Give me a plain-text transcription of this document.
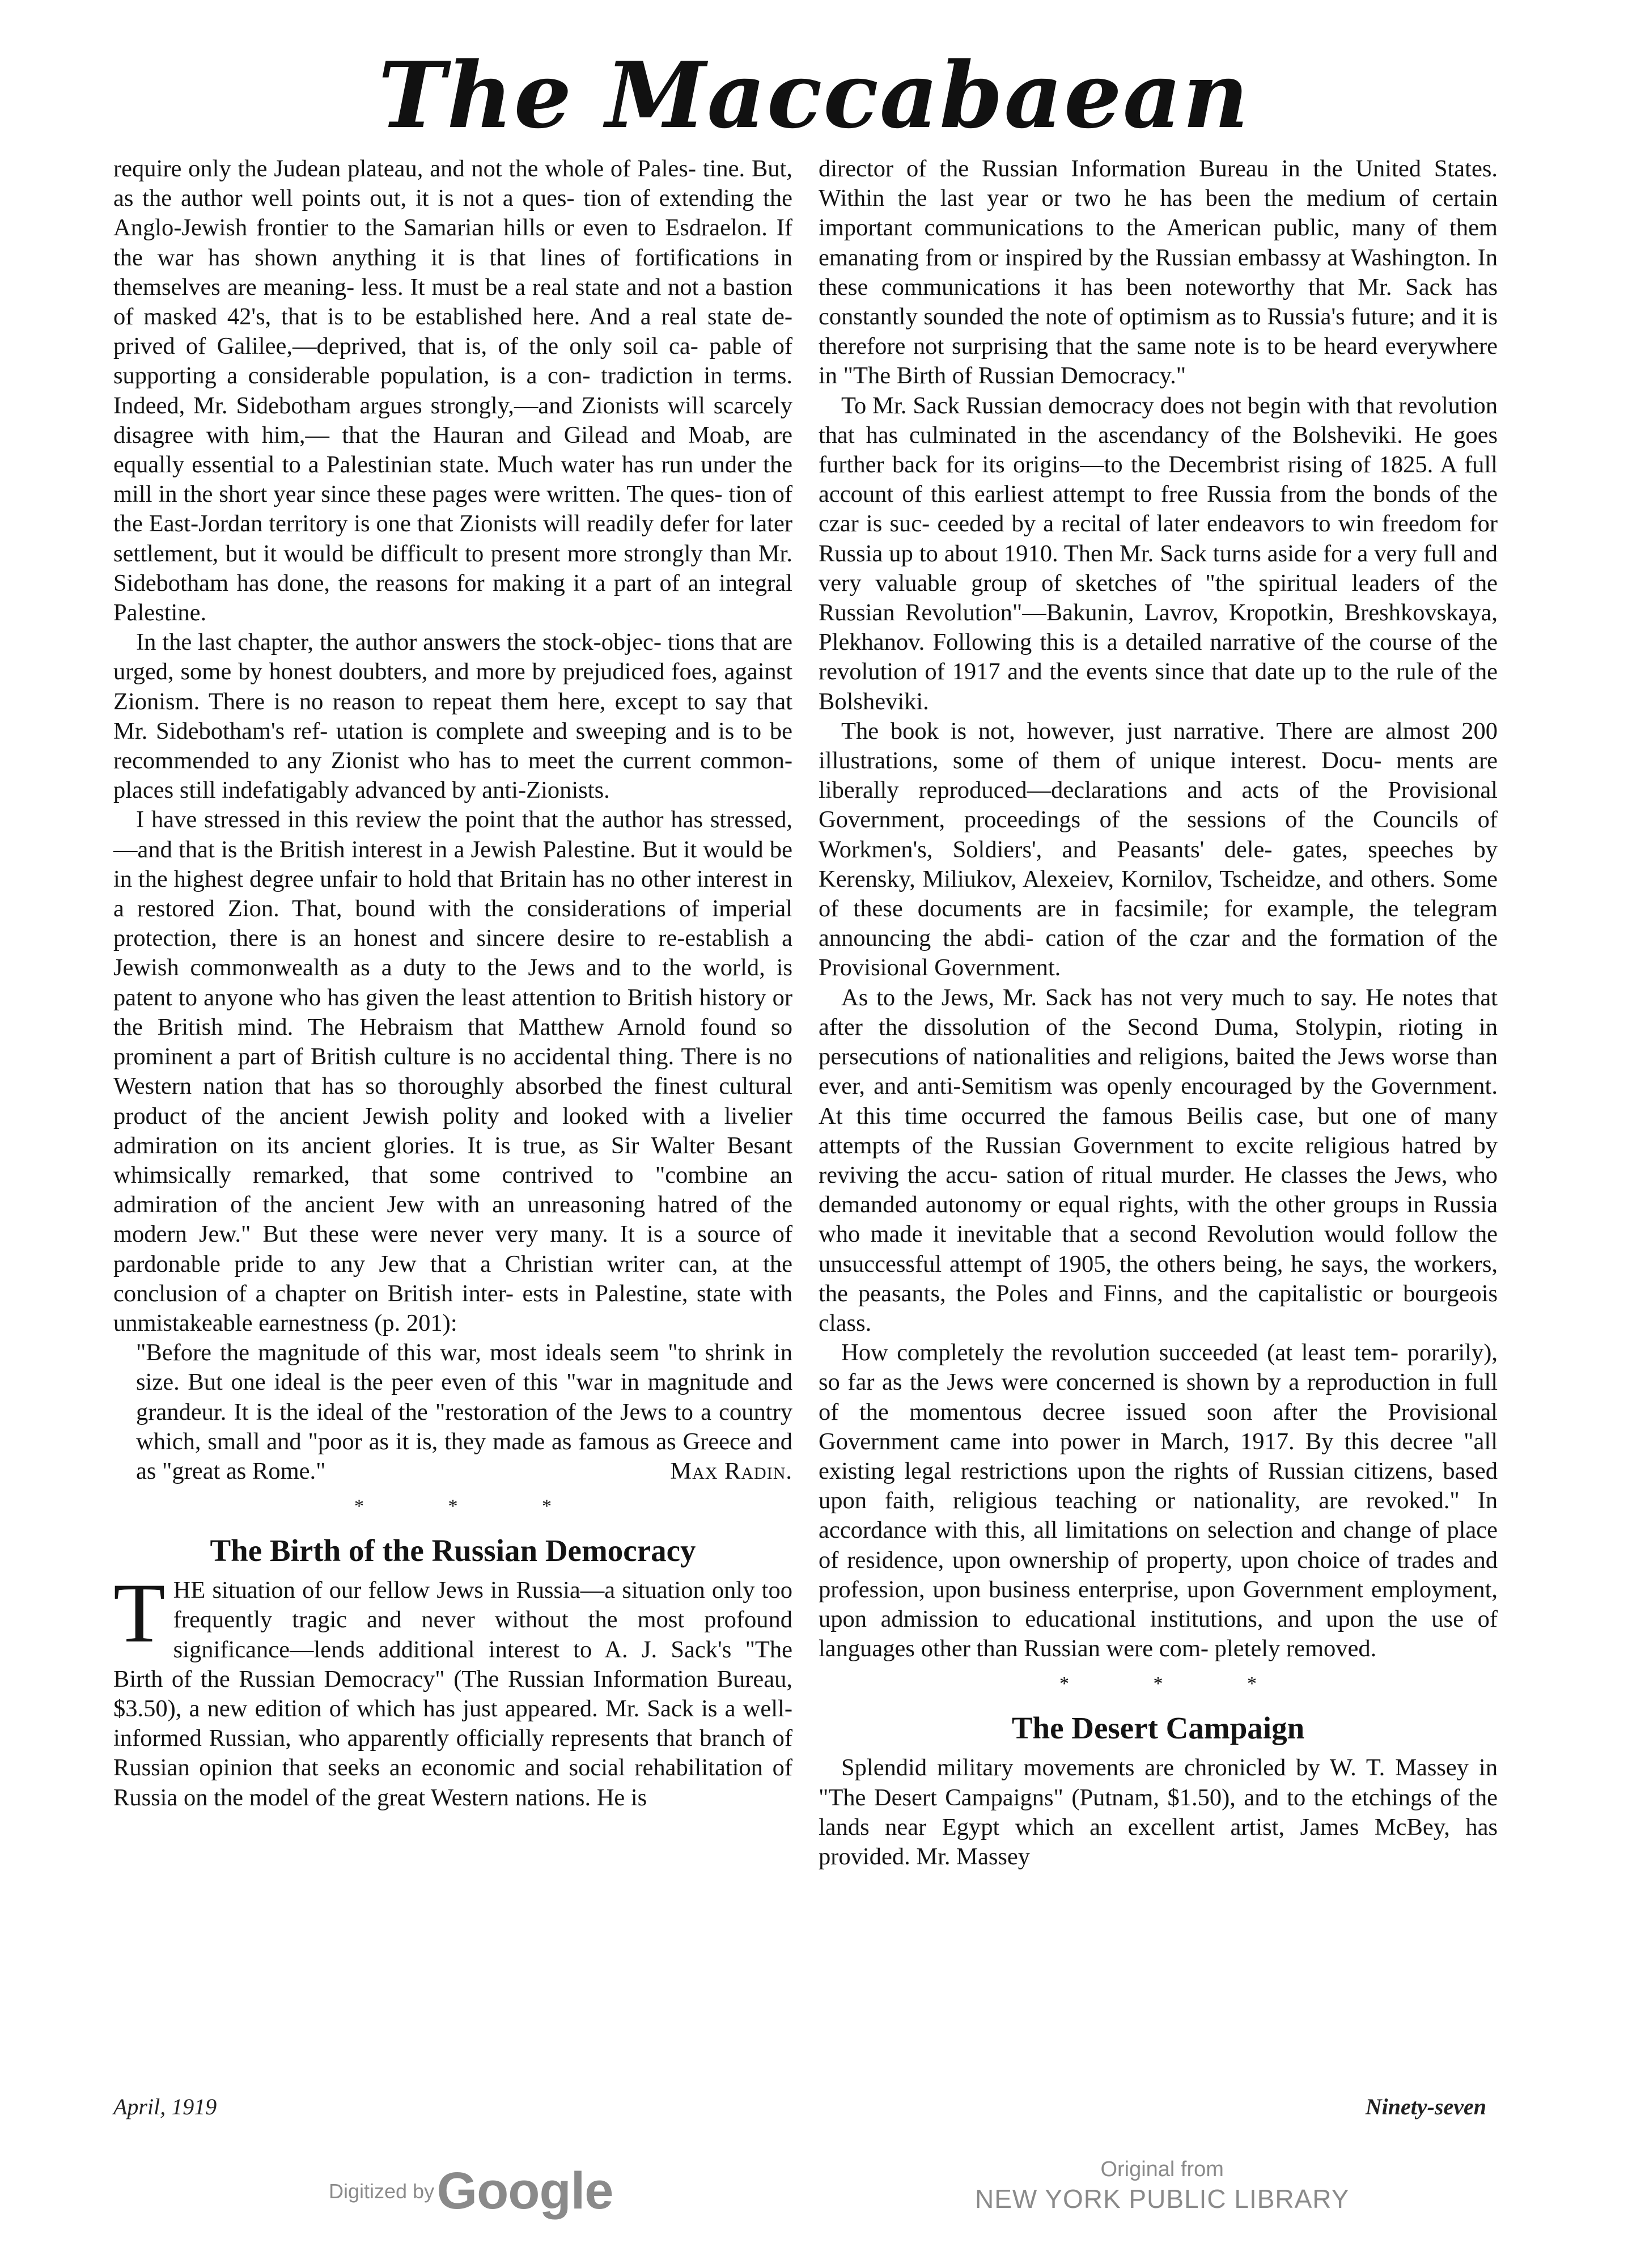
The Maccabaean

require only the Judean plateau, and not the whole of Pales- tine. But, as the author well points out, it is not a ques- tion of extending the Anglo-Jewish frontier to the Samarian hills or even to Esdraelon. If the war has shown anything it is that lines of fortifications in themselves are meaning- less. It must be a real state and not a bastion of masked 42's, that is to be established here. And a real state de- prived of Galilee,—deprived, that is, of the only soil ca- pable of supporting a considerable population, is a con- tradiction in terms. Indeed, Mr. Sidebotham argues strongly,—and Zionists will scarcely disagree with him,— that the Hauran and Gilead and Moab, are equally essential to a Palestinian state. Much water has run under the mill in the short year since these pages were written. The ques- tion of the East-Jordan territory is one that Zionists will readily defer for later settlement, but it would be difficult to present more strongly than Mr. Sidebotham has done, the reasons for making it a part of an integral Palestine.

In the last chapter, the author answers the stock-objec- tions that are urged, some by honest doubters, and more by prejudiced foes, against Zionism. There is no reason to repeat them here, except to say that Mr. Sidebotham's ref- utation is complete and sweeping and is to be recommended to any Zionist who has to meet the current common-places still indefatigably advanced by anti-Zionists.

I have stressed in this review the point that the author has stressed,—and that is the British interest in a Jewish Palestine. But it would be in the highest degree unfair to hold that Britain has no other interest in a restored Zion. That, bound with the considerations of imperial protection, there is an honest and sincere desire to re-establish a Jewish commonwealth as a duty to the Jews and to the world, is patent to anyone who has given the least attention to British history or the British mind. The Hebraism that Matthew Arnold found so prominent a part of British culture is no accidental thing. There is no Western nation that has so thoroughly absorbed the finest cultural product of the ancient Jewish polity and looked with a livelier admiration on its ancient glories. It is true, as Sir Walter Besant whimsically remarked, that some contrived to "combine an admiration of the ancient Jew with an unreasoning hatred of the modern Jew." But these were never very many. It is a source of pardonable pride to any Jew that a Christian writer can, at the conclusion of a chapter on British inter- ests in Palestine, state with unmistakeable earnestness (p. 201):

"Before the magnitude of this war, most ideals seem "to shrink in size. But one ideal is the peer even of this "war in magnitude and grandeur. It is the ideal of the "restoration of the Jews to a country which, small and "poor as it is, they made as famous as Greece and as "great as Rome."	Max Radin.

* * *
The Birth of the Russian Democracy

THE situation of our fellow Jews in Russia—a situation only too frequently tragic and never without the most profound significance—lends additional interest to A. J. Sack's "The Birth of the Russian Democracy" (The Russian Information Bureau, $3.50), a new edition of which has just appeared. Mr. Sack is a well-informed Russian, who apparently officially represents that branch of Russian opinion that seeks an economic and social rehabilitation of Russia on the model of the great Western nations. He is

director of the Russian Information Bureau in the United States. Within the last year or two he has been the medium of certain important communications to the American public, many of them emanating from or inspired by the Russian embassy at Washington. In these communications it has been noteworthy that Mr. Sack has constantly sounded the note of optimism as to Russia's future; and it is therefore not surprising that the same note is to be heard everywhere in "The Birth of Russian Democracy."

To Mr. Sack Russian democracy does not begin with that revolution that has culminated in the ascendancy of the Bolsheviki. He goes further back for its origins—to the Decembrist rising of 1825. A full account of this earliest attempt to free Russia from the bonds of the czar is suc- ceeded by a recital of later endeavors to win freedom for Russia up to about 1910. Then Mr. Sack turns aside for a very full and very valuable group of sketches of "the spiritual leaders of the Russian Revolution"—Bakunin, Lavrov, Kropotkin, Breshkovskaya, Plekhanov. Following this is a detailed narrative of the course of the revolution of 1917 and the events since that date up to the rule of the Bolsheviki.

The book is not, however, just narrative. There are almost 200 illustrations, some of them of unique interest. Docu- ments are liberally reproduced—declarations and acts of the Provisional Government, proceedings of the sessions of the Councils of Workmen's, Soldiers', and Peasants' dele- gates, speeches by Kerensky, Miliukov, Alexeiev, Kornilov, Tscheidze, and others. Some of these documents are in facsimile; for example, the telegram announcing the abdi- cation of the czar and the formation of the Provisional Government.

As to the Jews, Mr. Sack has not very much to say. He notes that after the dissolution of the Second Duma, Stolypin, rioting in persecutions of nationalities and religions, baited the Jews worse than ever, and anti-Semitism was openly encouraged by the Government. At this time occurred the famous Beilis case, but one of many attempts of the Russian Government to excite religious hatred by reviving the accu- sation of ritual murder. He classes the Jews, who demanded autonomy or equal rights, with the other groups in Russia who made it inevitable that a second Revolution would follow the unsuccessful attempt of 1905, the others being, he says, the workers, the peasants, the Poles and Finns, and the capitalistic or bourgeois class.

How completely the revolution succeeded (at least tem- porarily), so far as the Jews were concerned is shown by a reproduction in full of the momentous decree issued soon after the Provisional Government came into power in March, 1917. By this decree "all existing legal restrictions upon the rights of Russian citizens, based upon faith, religious teaching or nationality, are revoked." In accordance with this, all limitations on selection and change of place of residence, upon ownership of property, upon choice of trades and profession, upon business enterprise, upon Government employment, upon admission to educational institutions, and upon the use of languages other than Russian were com- pletely removed.

* * *
The Desert Campaign

Splendid military movements are chronicled by W. T. Massey in "The Desert Campaigns" (Putnam, $1.50), and to the etchings of the lands near Egypt which an excellent artist, James McBey, has provided. Mr. Massey

April, 1919	Ninety-seven
Digitized by Google	Original from
NEW YORK PUBLIC LIBRARY
